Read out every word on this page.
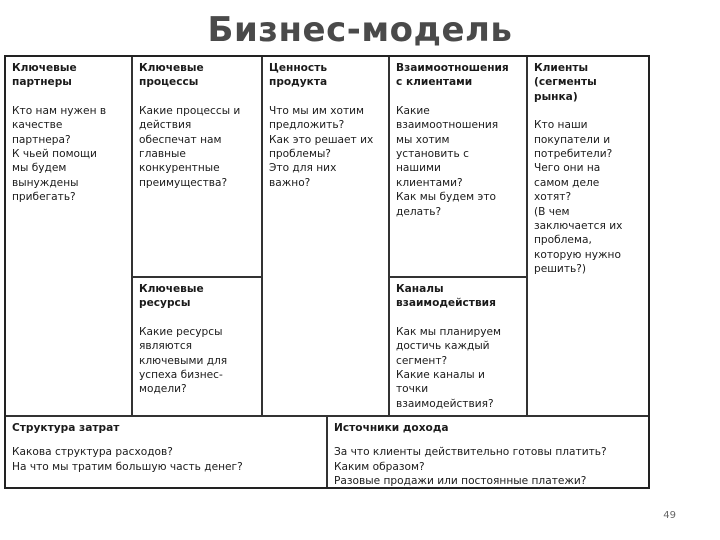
Бизнес-модель
Ключевые
партнеры
Кто нам нужен в
качестве
партнера?
К чьей помощи
мы будем
вынуждены
прибегать?
Ключевые
процессы
Какие процессы и
действия
обеспечат нам
главные
конкурентные
преимущества?
Ключевые
ресурсы
Какие ресурсы
являются
ключевыми для
успеха бизнес-
модели?
Ценность
продукта
Что мы им хотим
предложить?
Как это решает их
проблемы?
Это для них
важно?
Взаимоотношения
с клиентами
Какие
взаимоотношения
мы хотим
установить с
нашими
клиентами?
Как мы будем это
делать?
Каналы
взаимодействия
Как мы планируем
достичь каждый
сегмент?
Какие каналы и
точки
взаимодействия?
Клиенты
(сегменты
рынка)
Кто наши
покупатели и
потребители?
Чего они на
самом деле
хотят?
(В чем
заключается их
проблема,
которую нужно
решить?)
Структура затрат
Какова структура расходов?
На что мы тратим большую часть денег?
Источники дохода
За что клиенты действительно готовы платить?
Каким образом?
Разовые продажи или постоянные платежи?
49
